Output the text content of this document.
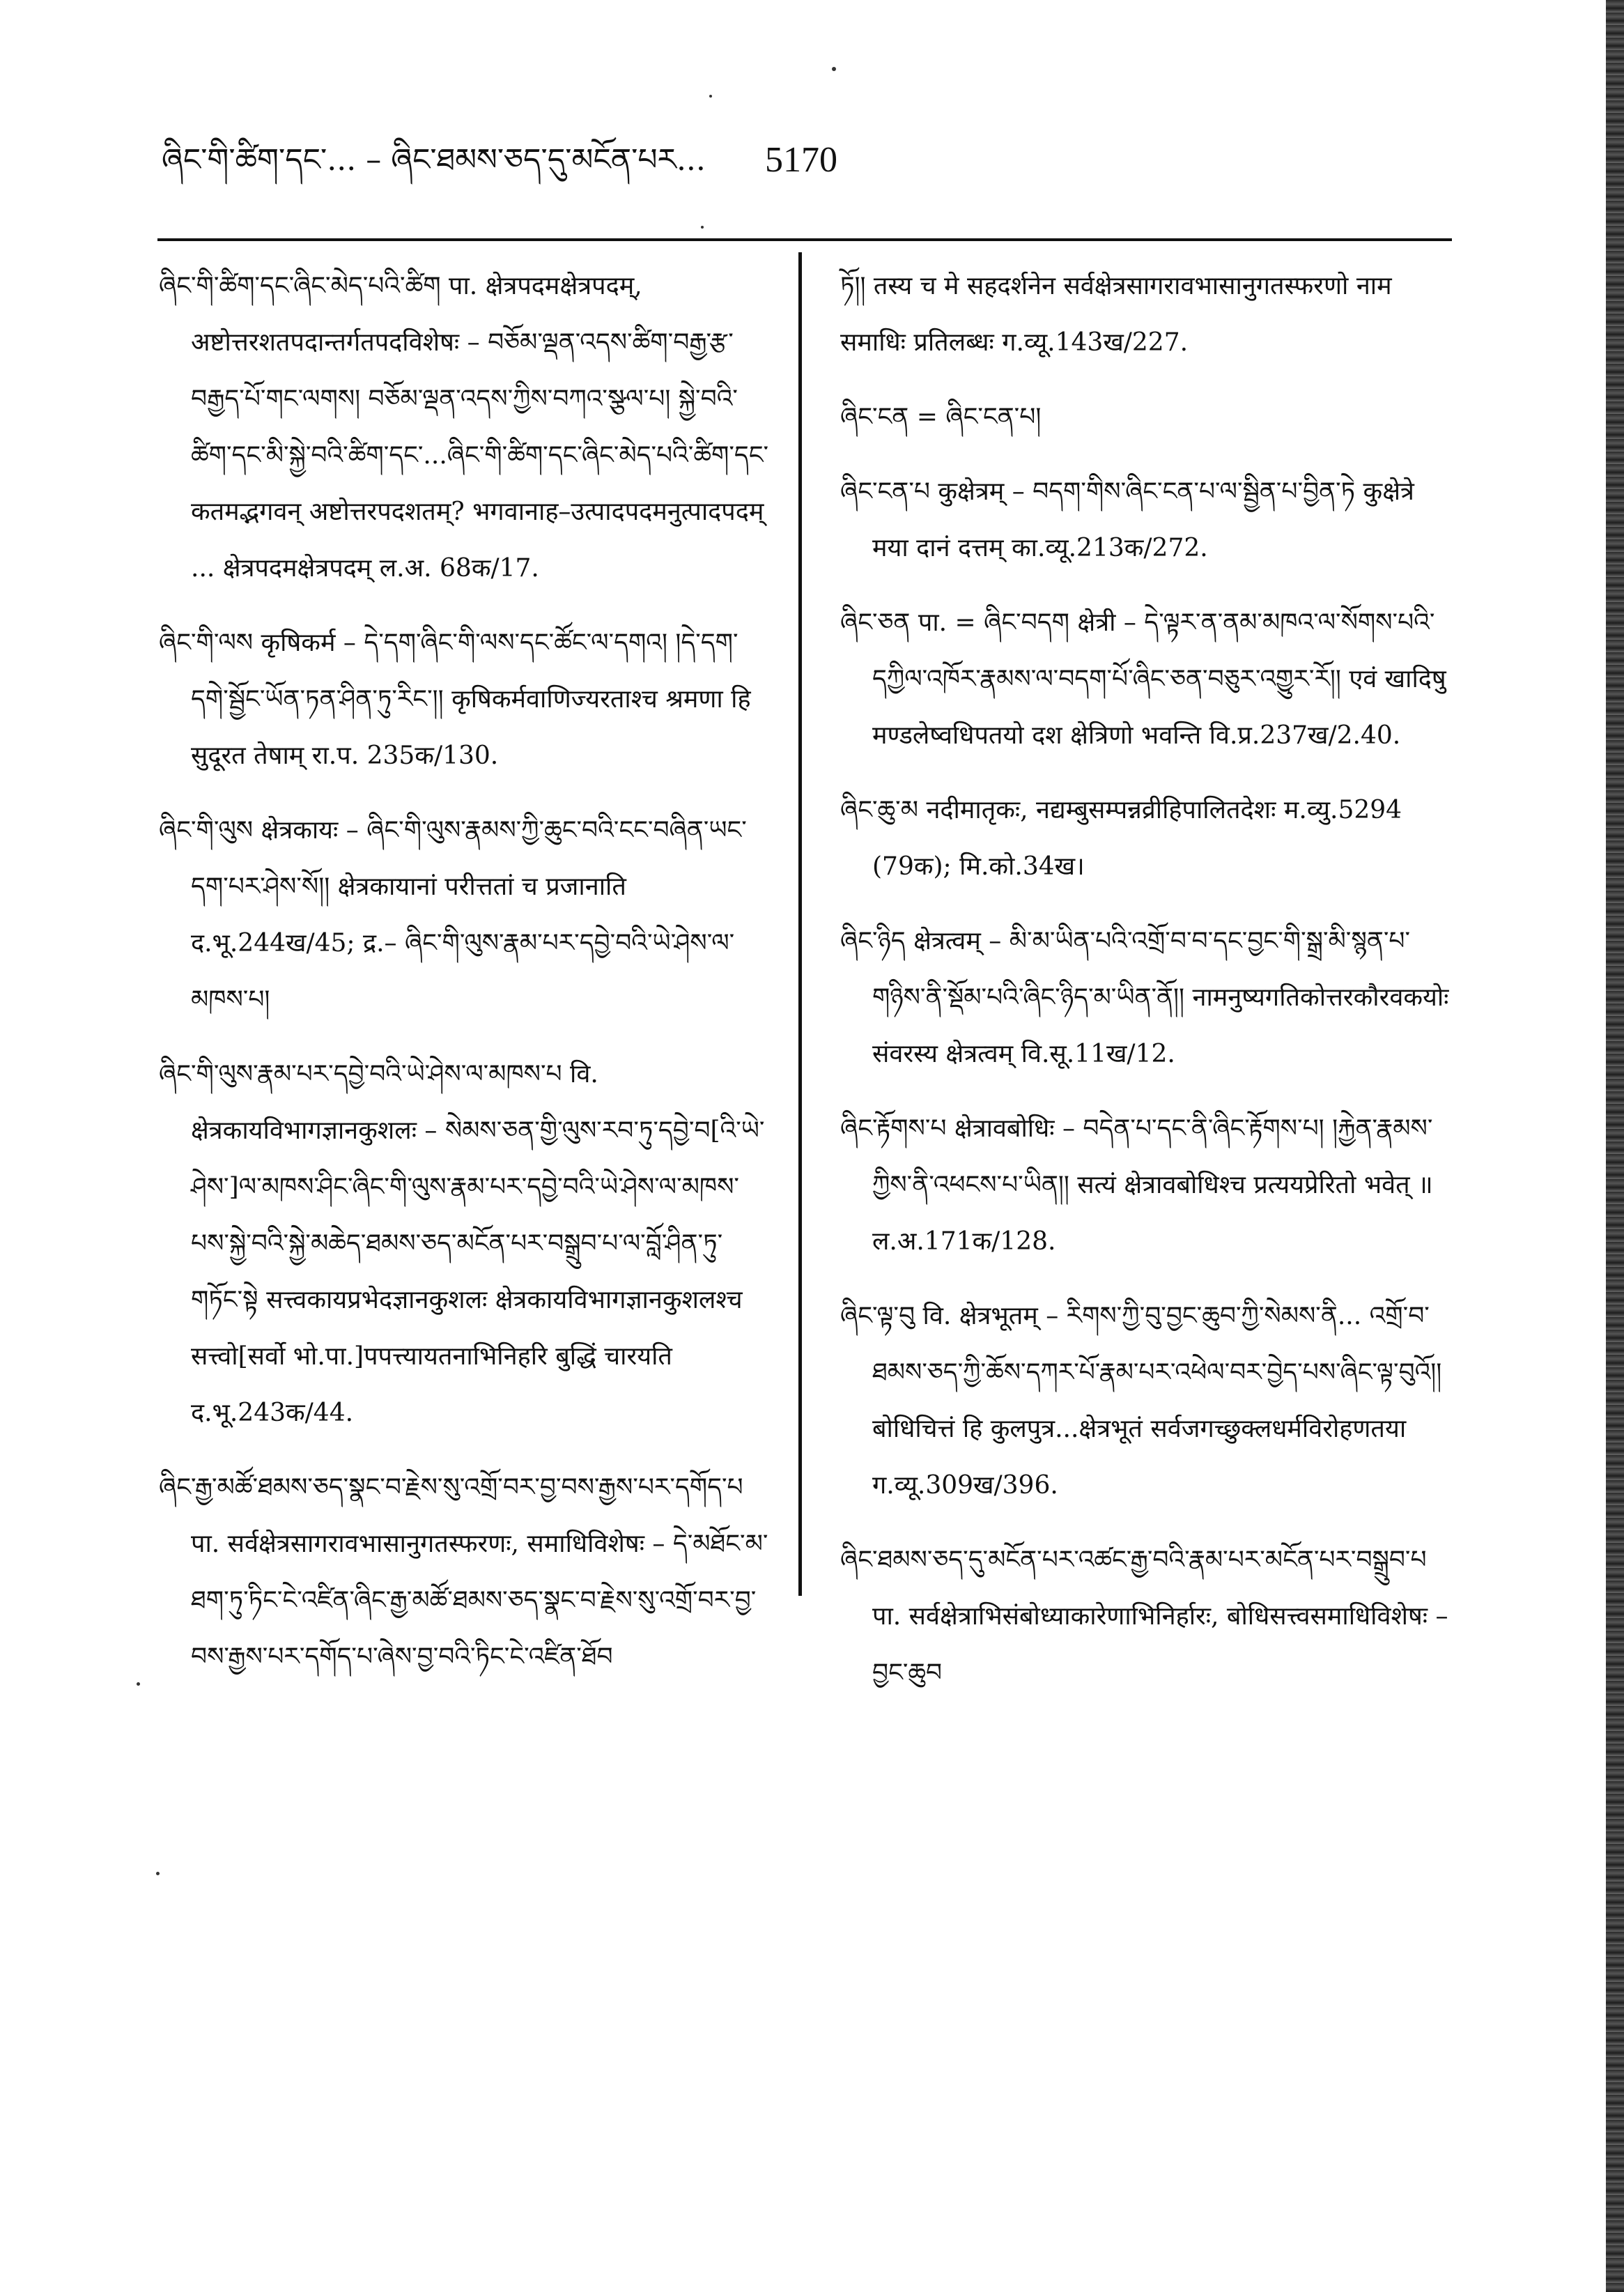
ཞིང་གི་ཚིག་དང་... – ཞིང་ཐམས་ཅད་དུ་མངོན་པར...	5170

ཞིང་གི་ཚིག་དང་ཞིང་མེད་པའི་ཚིག पा. क्षेत्रपदमक्षेत्रपदम्, अष्टोत्तरशतपदान्तर्गतपदविशेषः – བཅོམ་ལྡན་འདས་ཚིག་བརྒྱ་རྩ་བརྒྱད་པོ་གང་ལགས། བཅོམ་ལྡན་འདས་ཀྱིས་བཀའ་སྩལ་པ། སྐྱེ་བའི་ཚིག་དང་མི་སྐྱེ་བའི་ཚིག་དང་...ཞིང་གི་ཚིག་དང་ཞིང་མེད་པའི་ཚིག་དང་ कतमद्भगवन् अष्टोत्तरपदशतम्? भगवानाह–उत्पादपदमनुत्पादपदम् ... क्षेत्रपदमक्षेत्रपदम् ल.अ. 68क/17.

ཞིང་གི་ལས कृषिकर्म – དེ་དག་ཞིང་གི་ལས་དང་ཚོང་ལ་དགའ། །དེ་དག་དགེ་སྦྱོང་ཡོན་ཏན་ཤིན་ཏུ་རིང་།། कृषिकर्मवाणिज्यरताश्च श्रमणा हि सुदूरत तेषाम् रा.प. 235क/130.

ཞིང་གི་ལུས क्षेत्रकायः – ཞིང་གི་ལུས་རྣམས་ཀྱི་ཆུང་བའི་ངང་བཞིན་ཡང་དག་པར་ཤེས་སོ།། क्षेत्रकायानां परीत्ततां च प्रजानाति द.भू.244ख/45; द्र.– ཞིང་གི་ལུས་རྣམ་པར་དབྱེ་བའི་ཡེ་ཤེས་ལ་མཁས་པ།

ཞིང་གི་ལུས་རྣམ་པར་དབྱེ་བའི་ཡེ་ཤེས་ལ་མཁས་པ वि. क्षेत्रकायविभागज्ञानकुशलः – སེམས་ཅན་གྱི་ལུས་རབ་ཏུ་དབྱེ་བ[འི་ཡེ་ཤེས་]ལ་མཁས་ཤིང་ཞིང་གི་ལུས་རྣམ་པར་དབྱེ་བའི་ཡེ་ཤེས་ལ་མཁས་པས་སྐྱེ་བའི་སྐྱེ་མཆེད་ཐམས་ཅད་མངོན་པར་བསྒྲུབ་པ་ལ་བློ་ཤིན་ཏུ་གཏོང་སྟེ सत्त्वकायप्रभेदज्ञानकुशलः क्षेत्रकायविभागज्ञानकुशलश्च सत्त्वो[सर्वो भो.पा.]पपत्त्यायतनाभिनिहरि बुद्धिं चारयति द.भू.243क/44.

ཞིང་རྒྱ་མཚོ་ཐམས་ཅད་སྣང་བ་རྗེས་སུ་འགྲོ་བར་བྱ་བས་རྒྱས་པར་དགོད་པ पा. सर्वक्षेत्रसागरावभासानुगतस्फरणः, समाधिविशेषः – དེ་མཐོང་མ་ཐག་ཏུ་ཏིང་ངེ་འཛིན་ཞིང་རྒྱ་མཚོ་ཐམས་ཅད་སྣང་བ་རྗེས་སུ་འགྲོ་བར་བྱ་བས་རྒྱས་པར་དགོད་པ་ཞེས་བྱ་བའི་ཏིང་ངེ་འཛིན་ཐོབ

ཏོ།། तस्य च मे सहदर्शनेन सर्वक्षेत्रसागरावभासानुगतस्फरणो नाम समाधिः प्रतिलब्धः ग.व्यू.143ख/227.

ཞིང་ངན = ཞིང་ངན་པ།

ཞིང་ངན་པ कुक्षेत्रम् – བདག་གིས་ཞིང་ངན་པ་ལ་སྦྱིན་པ་བྱིན་ཏེ कुक्षेत्रे मया दानं दत्तम् का.व्यू.213क/272.

ཞིང་ཅན पा. = ཞིང་བདག क्षेत्री – དེ་ལྟར་ན་ནམ་མཁའ་ལ་སོགས་པའི་དཀྱིལ་འཁོར་རྣམས་ལ་བདག་པོ་ཞིང་ཅན་བཅུར་འགྱུར་རོ།། एवं खादिषु मण्डलेष्वधिपतयो दश क्षेत्रिणो भवन्ति वि.प्र.237ख/2.40.

ཞིང་ཆུ་མ नदीमातृकः, नद्यम्बुसम्पन्नव्रीहिपालितदेशः म.व्यु.5294 (79क); मि.को.34ख।

ཞིང་ཉིད क्षेत्रत्वम् – མི་མ་ཡིན་པའི་འགྲོ་བ་བ་དང་བྱང་གི་སྒྲ་མི་སྙན་པ་གཉིས་ནི་སྡོམ་པའི་ཞིང་ཉིད་མ་ཡིན་ནོ།། नामनुष्यगतिकोत्तरकौरवकयोः संवरस्य क्षेत्रत्वम् वि.सू.11ख/12.

ཞིང་རྟོགས་པ क्षेत्रावबोधिः – བདེན་པ་དང་ནི་ཞིང་རྟོགས་པ། །རྐྱེན་རྣམས་ཀྱིས་ནི་འཕངས་པ་ཡིན།། सत्यं क्षेत्रावबोधिश्च प्रत्ययप्रेरितो भवेत् ॥ ल.अ.171क/128.

ཞིང་ལྟ་བུ वि. क्षेत्रभूतम् – རིགས་ཀྱི་བུ་བྱང་ཆུབ་ཀྱི་སེམས་ནི... འགྲོ་བ་ཐམས་ཅད་ཀྱི་ཆོས་དཀར་པོ་རྣམ་པར་འཕེལ་བར་བྱེད་པས་ཞིང་ལྟ་བུའོ།། बोधिचित्तं हि कुलपुत्र...क्षेत्रभूतं सर्वजगच्छुक्लधर्मविरोहणतया ग.व्यू.309ख/396.

ཞིང་ཐམས་ཅད་དུ་མངོན་པར་འཚང་རྒྱ་བའི་རྣམ་པར་མངོན་པར་བསྒྲུབ་པ पा. सर्वक्षेत्राभिसंबोध्याकारेणाभिनिर्हारः, बोधिसत्त्वसमाधिविशेषः – བྱང་ཆུབ
